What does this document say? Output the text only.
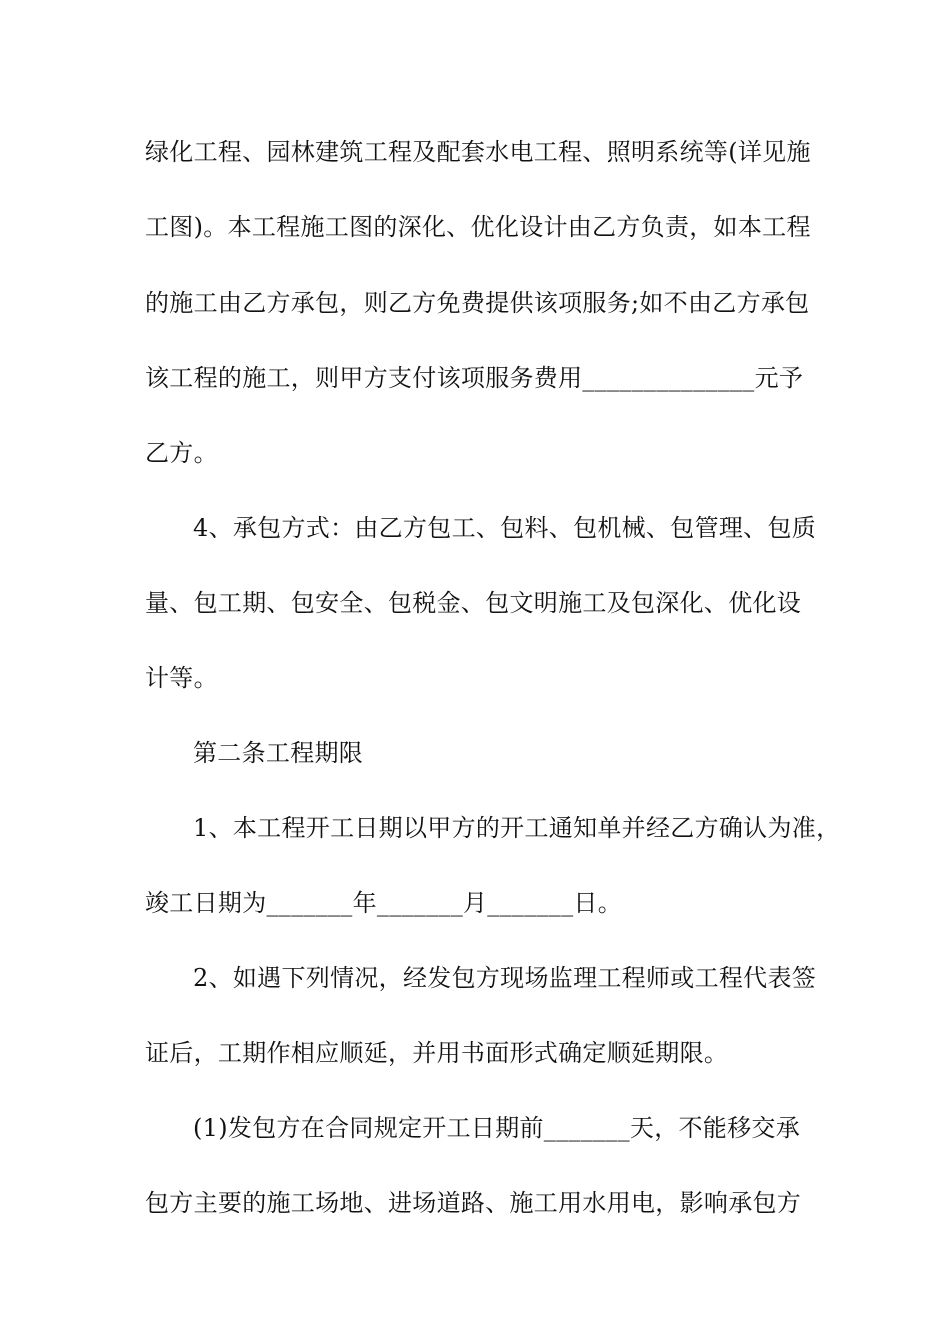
绿化工程、园林建筑工程及配套水电工程、照明系统等(详见施
工图)。本工程施工图的深化、优化设计由乙方负责，如本工程
的施工由乙方承包，则乙方免费提供该项服务;如不由乙方承包
该工程的施工，则甲方支付该项服务费用______________元予
乙方。
4、承包方式：由乙方包工、包料、包机械、包管理、包质
量、包工期、包安全、包税金、包文明施工及包深化、优化设
计等。
第二条工程期限
1、本工程开工日期以甲方的开工通知单并经乙方确认为准，
竣工日期为_______年_______月_______日。
2、如遇下列情况，经发包方现场监理工程师或工程代表签
证后，工期作相应顺延，并用书面形式确定顺延期限。
(1)发包方在合同规定开工日期前_______天，不能移交承
包方主要的施工场地、进场道路、施工用水用电，影响承包方
